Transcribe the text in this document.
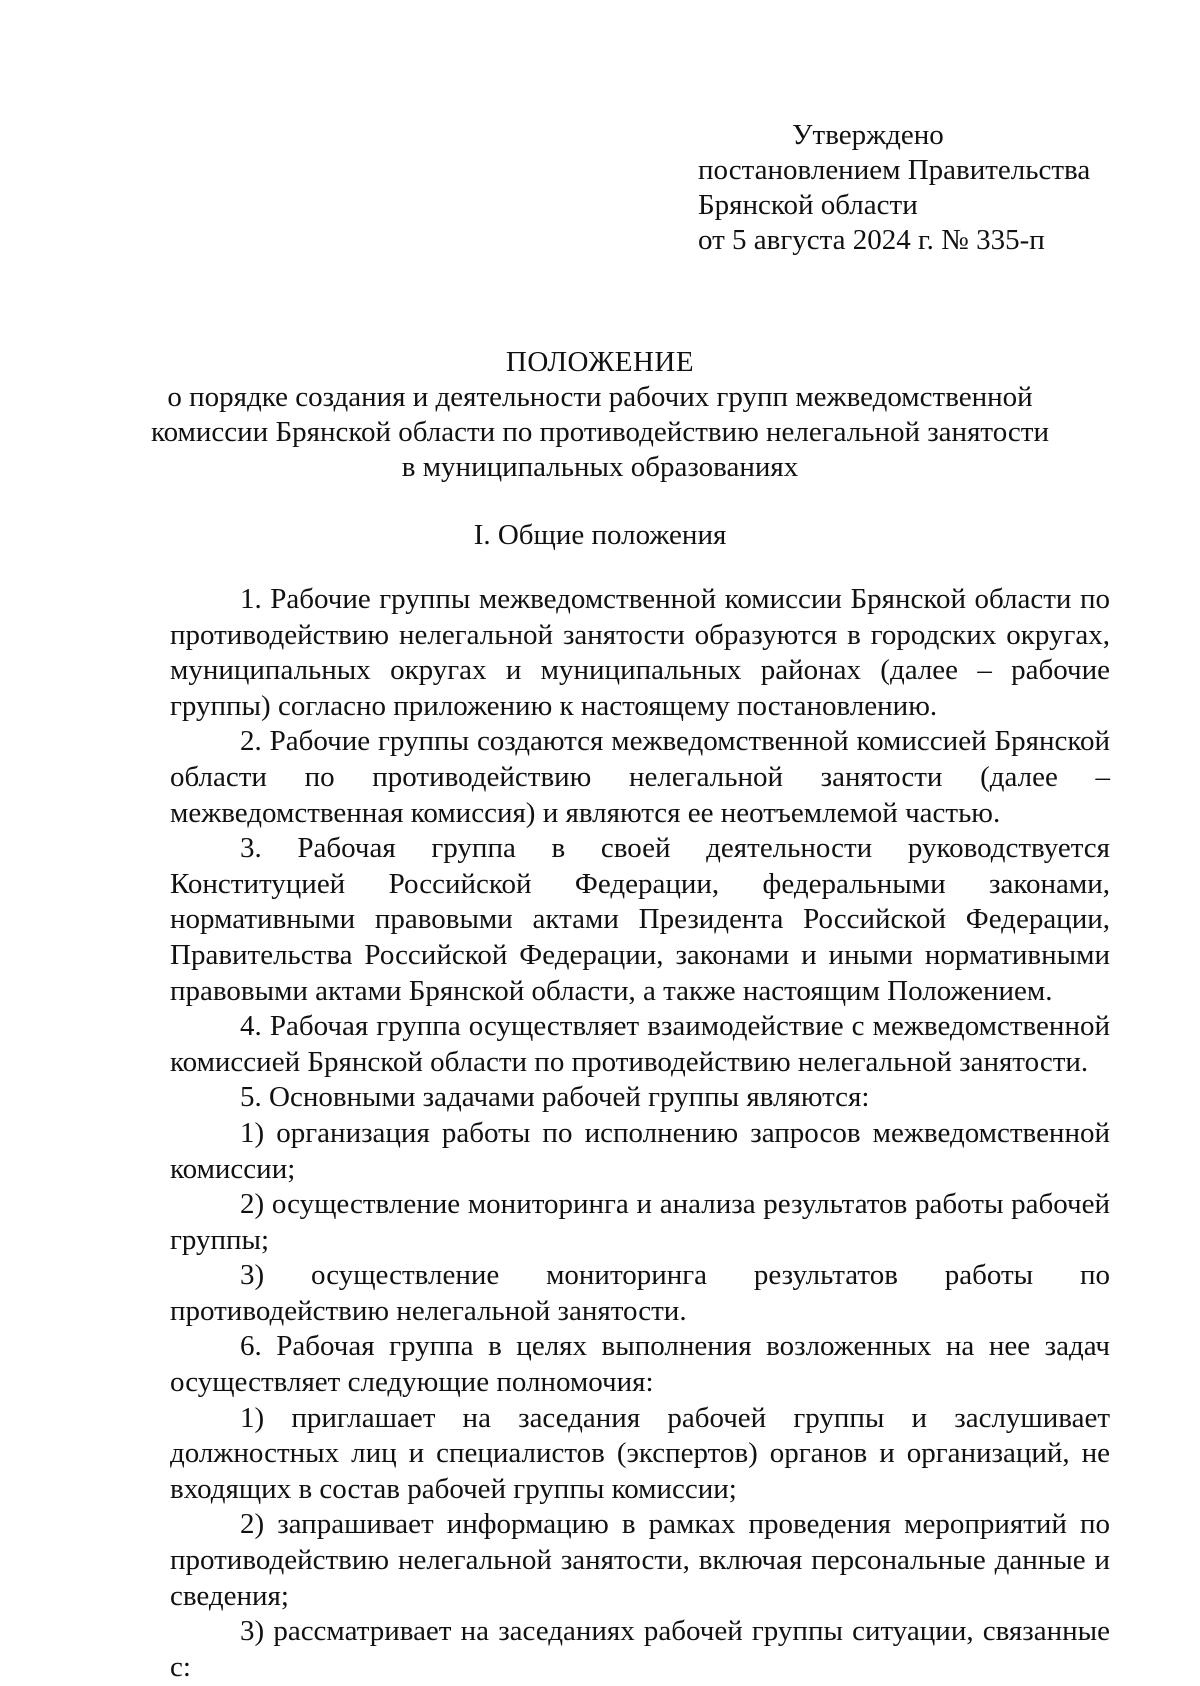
Утверждено
постановлением Правительства
Брянской области
от 5 августа 2024 г. № 335-п
ПОЛОЖЕНИЕ
о порядке создания и деятельности рабочих групп межведомственной
комиссии Брянской области по противодействию нелегальной занятости
в муниципальных образованиях
I. Общие положения

1. Рабочие группы межведомственной комиссии Брянской области по противодействию нелегальной занятости образуются в городских округах, муниципальных округах и муниципальных районах (далее – рабочие группы) согласно приложению к настоящему постановлению.

2. Рабочие группы создаются межведомственной комиссией Брянской области по противодействию нелегальной занятости (далее – межведомственная комиссия) и являются ее неотъемлемой частью.

3. Рабочая группа в своей деятельности руководствуется Конституцией Российской Федерации, федеральными законами, нормативными правовыми актами Президента Российской Федерации, Правительства Российской Федерации, законами и иными нормативными правовыми актами Брянской области, а также настоящим Положением.

4. Рабочая группа осуществляет взаимодействие с межведомственной комиссией Брянской области по противодействию нелегальной занятости.

5. Основными задачами рабочей группы являются:

1) организация работы по исполнению запросов межведомственной комиссии;

2) осуществление мониторинга и анализа результатов работы рабочей группы;

3) осуществление мониторинга результатов работы по противодействию нелегальной занятости.

6. Рабочая группа в целях выполнения возложенных на нее задач осуществляет следующие полномочия:

1) приглашает на заседания рабочей группы и заслушивает должностных лиц и специалистов (экспертов) органов и организаций, не входящих в состав рабочей группы комиссии;

2) запрашивает информацию в рамках проведения мероприятий по противодействию нелегальной занятости, включая персональные данные и сведения;

3) рассматривает на заседаниях рабочей группы ситуации, связанные с:
